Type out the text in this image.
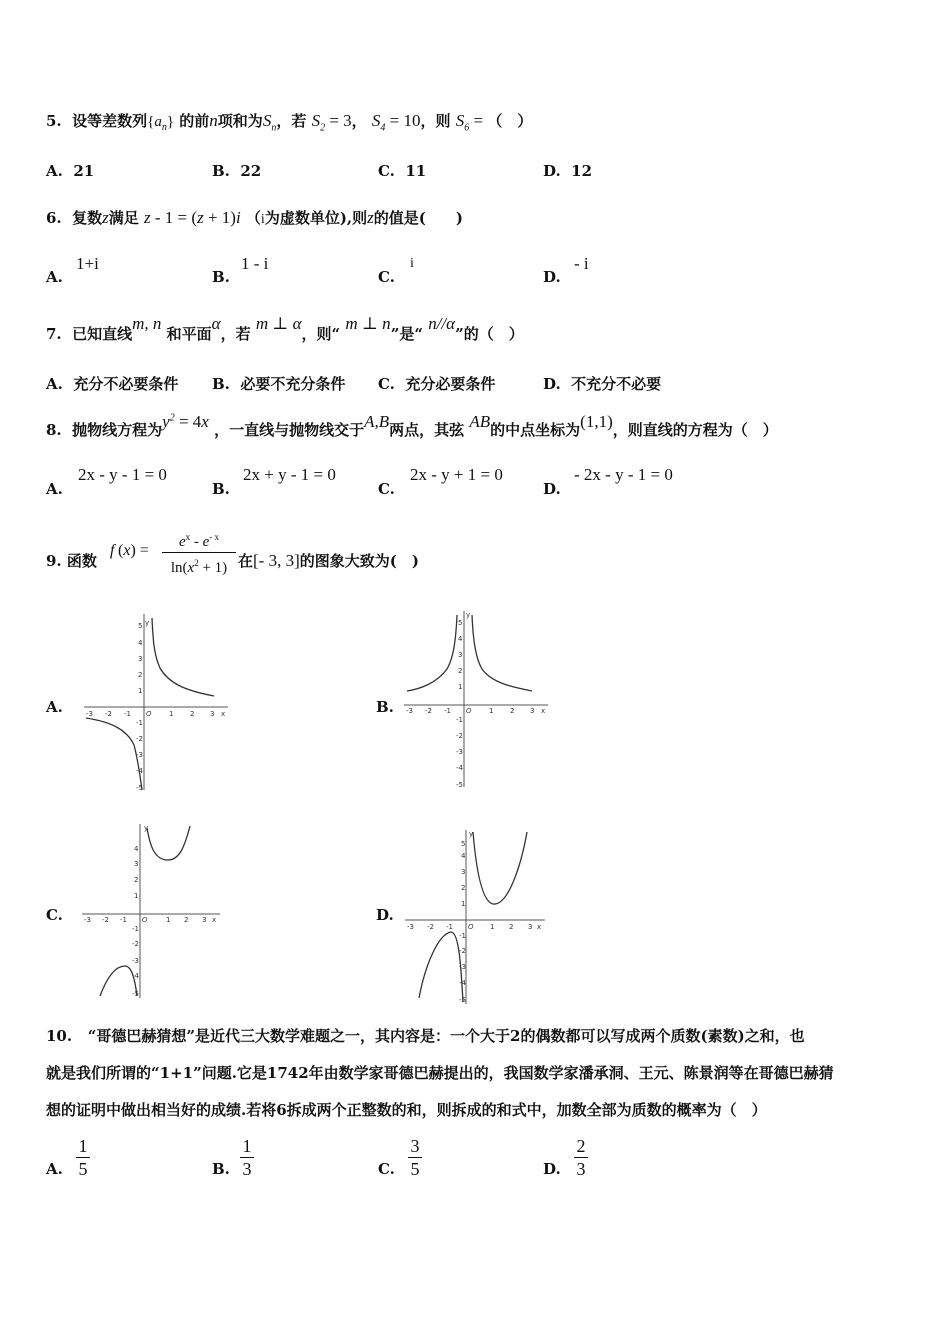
5.  设等差数列$\{a_n\}$ 的前n项和为$S_n$，若 $S_2 = 3$， $S_4 = 10$，则 $S_6$ = （　）
A. 21	B. 22	C. 11	D. 12
6.  复数z满足 z - 1 = (z + 1)i （i为虚数单位),则z的值是(　　)
A.
1+i
B.
1 - i
C.
i
D.
- i
7.  已知直线m, n 和平面α，若 m ⊥ α，则“ m ⊥ n”是“ n//α”的（　）
A. 充分不必要条件 B. 必要不充分条件 C. 充分必要条件	D. 不充分不必要
8.  抛物线方程为$y^2 = 4x$ ，一直线与抛物线交于A,B两点，其弦 AB的中点坐标为(1,1)，则直线的方程为（　）
A.
2x - y - 1 = 0
B.
2x + y - 1 = 0
C.
2x - y + 1 = 0
D.
- 2x - y - 1 = 0
9. 函数
f (x) =	$e^x - e^{- x}$
$\ln(x^2 + 1)$ 在[- 3, 3]的图象大致为(　)
A.	B.
C.	D.
-3 -2 -1 O 1 2 3 x
y
5
4
3
2
1
-1
-2
-3
-4
-5
-3 -2 -1 O 1 2 3 x
y
5
4
3
2
1
-1
-2
-3
-4
-5
-3 -2 -1 O	1 2 3 x
y
4
3
2
1
-1
-2
-3
-4
-5
-3 -2 -1 O 1 2 3 x
y
5
4
3
2
1
-1
-2
-3
-4
-5
10. “哥德巴赫猜想”是近代三大数学难题之一，其内容是：一个大于2的偶数都可以写成两个质数(素数)之和，也
就是我们所谓的“1+1”问题.它是1742年由数学家哥德巴赫提出的，我国数学家潘承洞、王元、陈景润等在哥德巴赫猜
想的证明中做出相当好的成绩.若将6拆成两个正整数的和，则拆成的和式中，加数全部为质数的概率为（　）
A.
1
5	B.
1
3	C.
3
5	D.
2
3
